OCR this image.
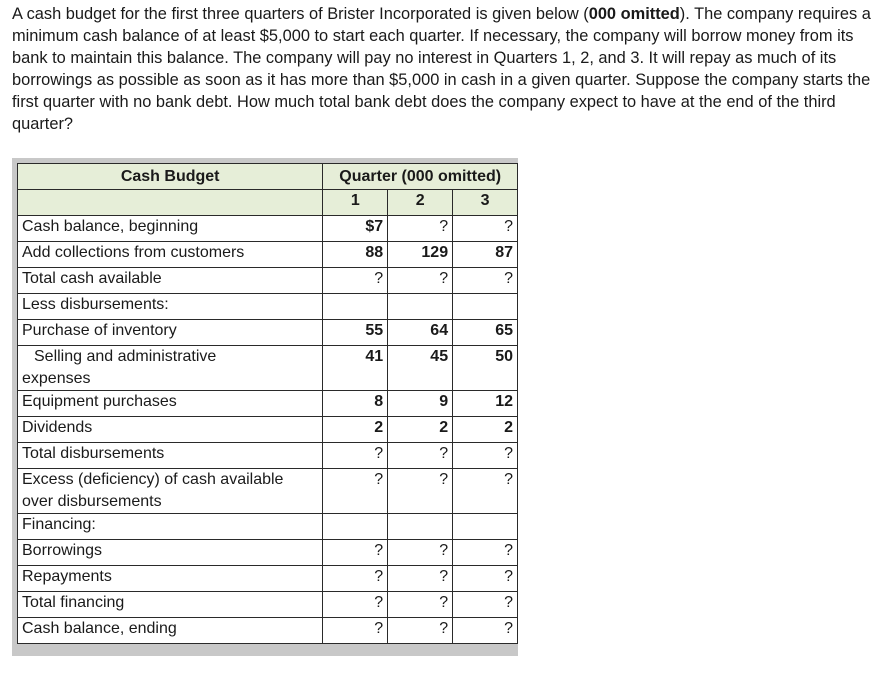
A cash budget for the first three quarters of Brister Incorporated is given below (000 omitted). The company requires a minimum cash balance of at least $5,000 to start each quarter. If necessary, the company will borrow money from its bank to maintain this balance. The company will pay no interest in Quarters 1, 2, and 3. It will repay as much of its borrowings as possible as soon as it has more than $5,000 in cash in a given quarter. Suppose the company starts the first quarter with no bank debt. How much total bank debt does the company expect to have at the end of the third quarter?

Cash Budget	Quarter (000 omitted)		
	1	2	3
Cash balance, beginning	$7	?	?
Add collections from customers	88	129	87
Total cash available	?	?	?
Less disbursements:			
Purchase of inventory	55	64	65
Selling and administrative
expenses	41	45	50
Equipment purchases	8	9	12
Dividends	2	2	2
Total disbursements	?	?	?
Excess (deficiency) of cash available
over disbursements	?	?	?
Financing:			
Borrowings	?	?	?
Repayments	?	?	?
Total financing	?	?	?
Cash balance, ending	?	?	?
